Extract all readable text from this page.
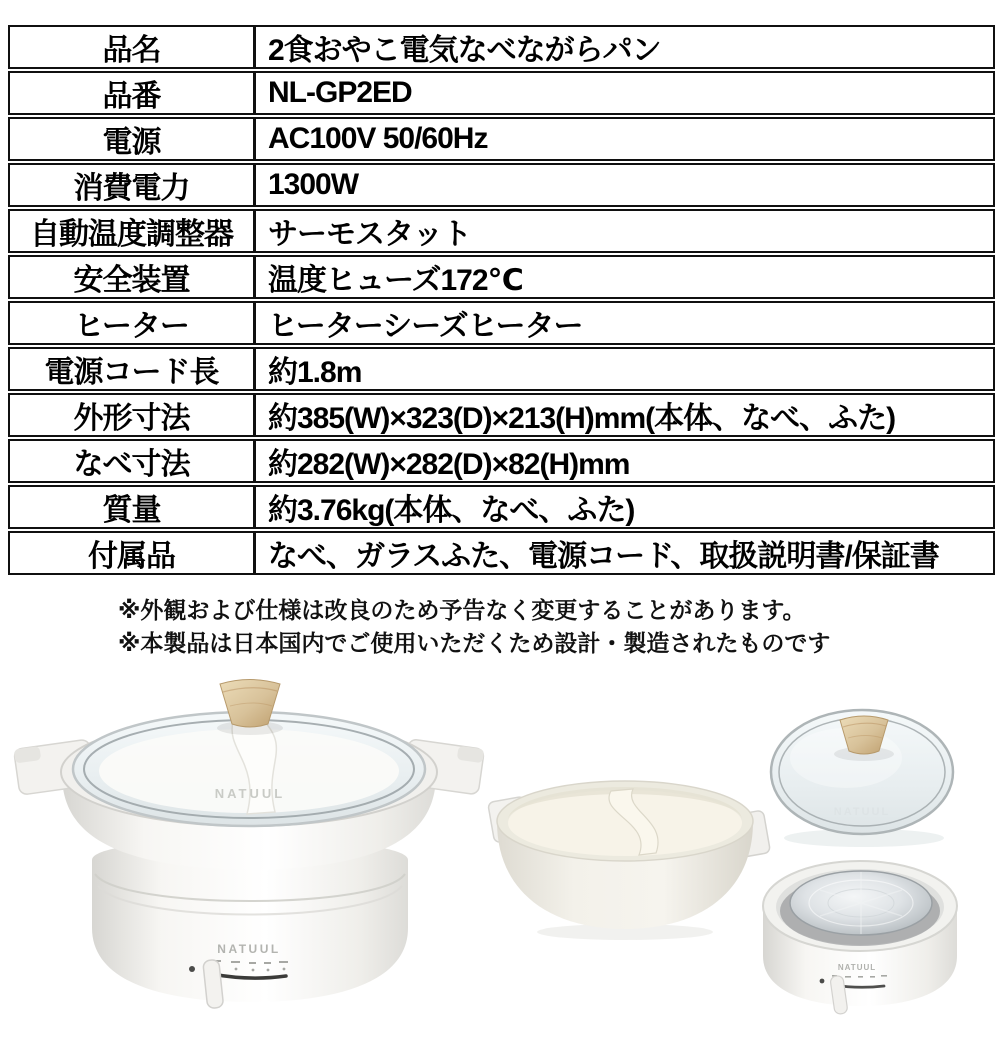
品名	2食おやこ電気なべながらパン
品番	NL-GP2ED
電源	AC100V 50/60Hz
消費電力	1300W
自動温度調整器	サーモスタット
安全装置	温度ヒューズ172℃
ヒーター	ヒーターシーズヒーター
電源コード長	約1.8m
外形寸法	約385(W)×323(D)×213(H)mm(本体、なべ、ふた)
なべ寸法	約282(W)×282(D)×82(H)mm
質量	約3.76kg(本体、なべ、ふた)
付属品	なべ、ガラスふた、電源コード、取扱説明書/保証書
※外観および仕様は改良のため予告なく変更することがあります。
※本製品は日本国内でご使用いただくため設計・製造されたものです
NATUUL
NATUUL
NATUUL
NATUUL
